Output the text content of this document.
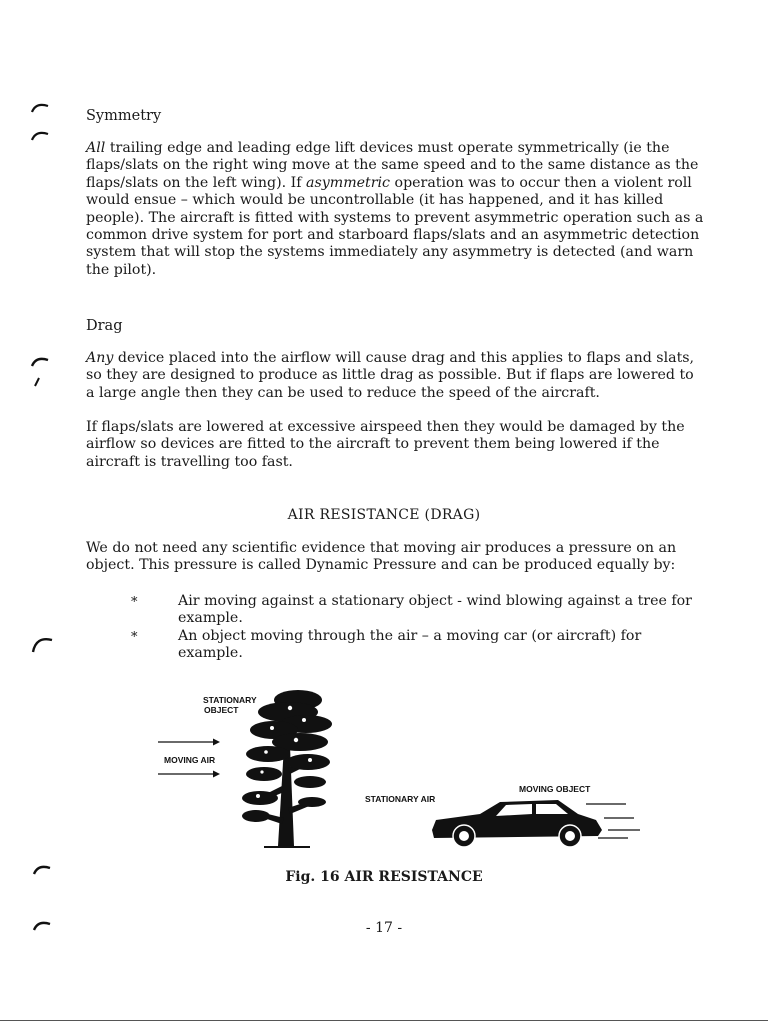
Symmetry

All trailing edge and leading edge lift devices must operate symmetrically (ie the flaps/slats on the right wing move at the same speed and to the same distance as the flaps/slats on the left wing). If asymmetric operation was to occur then a violent roll would ensue – which would be uncontrollable (it has happened, and it has killed people). The aircraft is fitted with systems to prevent asymmetric operation such as a common drive system for port and starboard flaps/slats and an asymmetric detection system that will stop the systems immediately any asymmetry is detected (and warn the pilot).

Drag

Any device placed into the airflow will cause drag and this applies to flaps and slats, so they are designed to produce as little drag as possible. But if flaps are lowered to a large angle then they can be used to reduce the speed of the aircraft.

If flaps/slats are lowered at excessive airspeed then they would be damaged by the airflow so devices are fitted to the aircraft to prevent them being lowered if the aircraft is travelling too fast.

AIR RESISTANCE (DRAG)

We do not need any scientific evidence that moving air produces a pressure on an object. This pressure is called Dynamic Pressure and can be produced equally by:

*	Air moving against a stationary object - wind blowing against a tree for example.
*	An object moving through the air – a moving car (or aircraft) for example.
STATIONARY
OBJECT
MOVING AIR
STATIONARY AIR
MOVING OBJECT
Fig. 16 AIR RESISTANCE
- 17 -
